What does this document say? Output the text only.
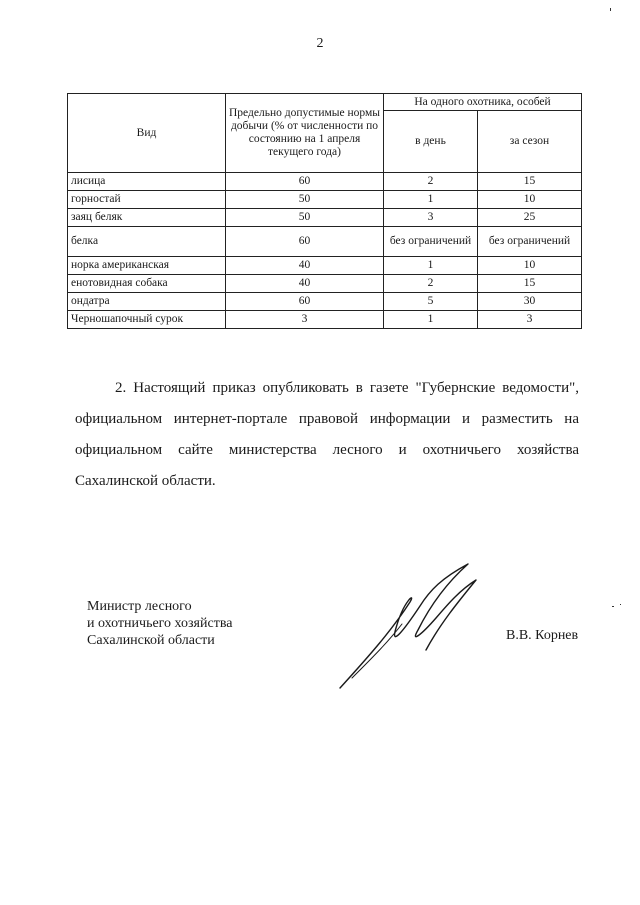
2
Вид	Предельно допустимые нормы добычи (% от численности по состоянию на 1 апреля текущего года)	На одного охотника, особей	
		в день	за сезон
лисица	60	2	15
горностай	50	1	10
заяц беляк	50	3	25
белка	60	без ограничений	без ограничений
норка американская	40	1	10
енотовидная собака	40	2	15
ондатра	60	5	30
Черношапочный сурок	3	1	3
2. Настоящий приказ опубликовать в газете "Губернские ведомости", официальном интернет-портале правовой информации и разместить на официальном сайте министерства лесного и охотничьего хозяйства Сахалинской области.
Министр лесного
и охотничьего хозяйства
Сахалинской области	В.В. Корнев
